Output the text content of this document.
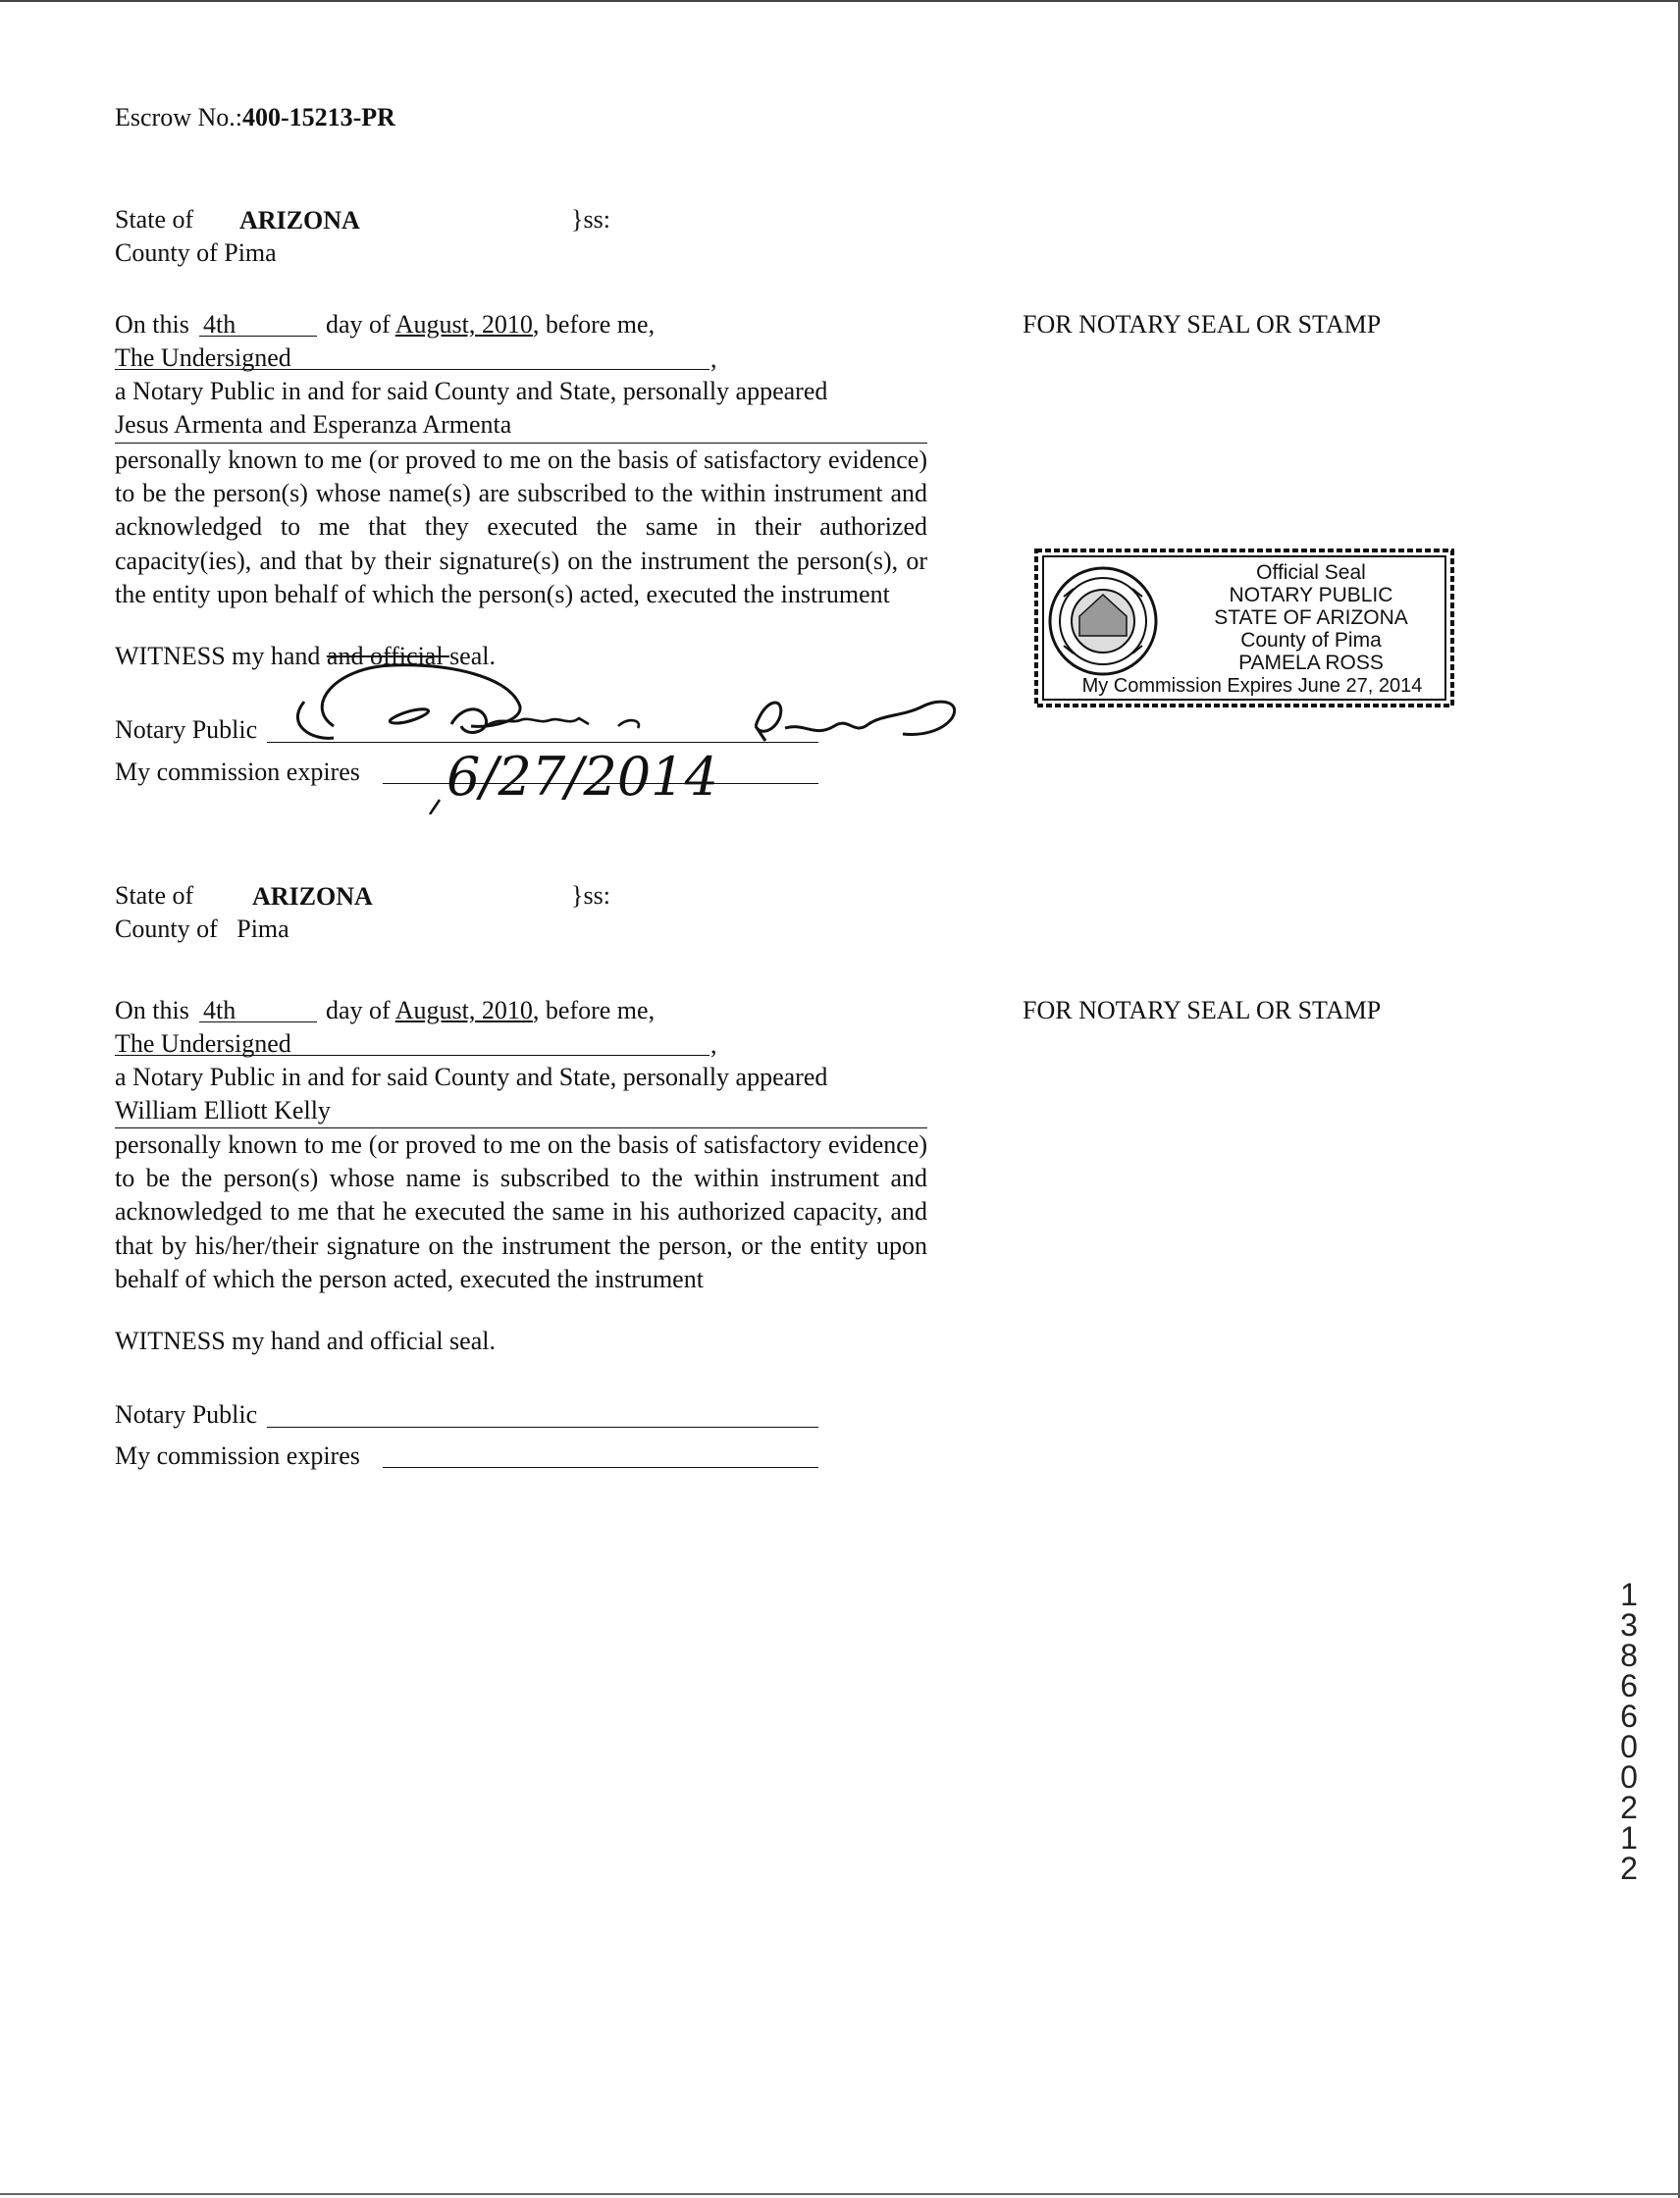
Escrow No.:400-15213-PR
State of ARIZONA	}ss:
County of Pima
On this 4th	day of August, 2010, before me,
The Undersigned	,
a Notary Public in and for said County and State, personally appeared
Jesus Armenta and Esperanza Armenta
personally known to me (or proved to me on the basis of satisfactory evidence) to be the person(s) whose name(s) are subscribed to the within instrument and acknowledged to me that they executed the same in their authorized capacity(ies), and that by their signature(s) on the instrument the person(s), or the entity upon behalf of which the person(s) acted, executed the instrument
WITNESS my hand and official seal.
Notary Public
My commission expires 6/27/2014
FOR NOTARY SEAL OR STAMP
Official Seal
NOTARY PUBLIC
STATE OF ARIZONA
County of Pima
PAMELA ROSS
My Commission Expires June 27, 2014
State of ARIZONA	}ss:
County of Pima
On this 4th	day of August, 2010, before me,
The Undersigned	,
a Notary Public in and for said County and State, personally appeared
William Elliott Kelly
personally known to me (or proved to me on the basis of satisfactory evidence) to be the person(s) whose name is subscribed to the within instrument and acknowledged to me that he executed the same in his authorized capacity, and that by his/her/their signature on the instrument the person, or the entity upon behalf of which the person acted, executed the instrument
WITNESS my hand and official seal.
Notary Public
My commission expires
FOR NOTARY SEAL OR STAMP
1 3 8 6 6 0 0 2 1 2
